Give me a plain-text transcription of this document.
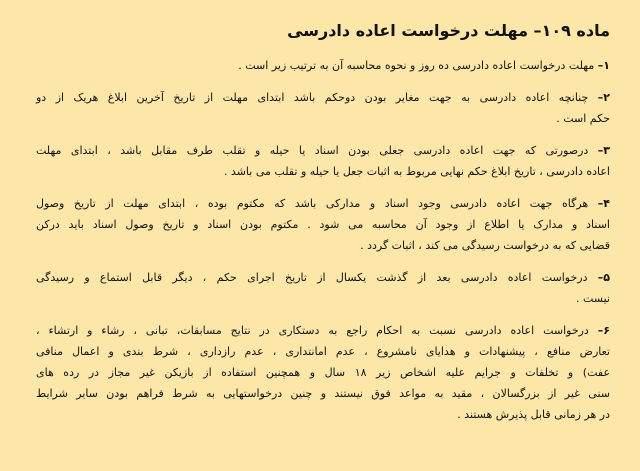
ماده ۱۰۹– مهلت درخواست اعاده دادرسی
۱– مهلت درخواست اعاده دادرسی ده روز و نحوه محاسبه آن به ترتیب زیر است .
۲– چنانچه اعاده دادرسی به جهت مغایر بودن دوحکم باشد ابتدای مهلت از تاریخ آخرین ابلاغ هریک از دو
حکم است .
۳– درصورتی که جهت اعاده دادرسی جعلی بودن اسناد یا حیله و تقلب طرف مقابل باشد ، ابتدای مهلت
اعاده دادرسی ، تاریخ ابلاغ حکم نهایی مربوط به اثبات جعل یا حیله و تقلب می باشد .
۴– هرگاه جهت اعاده دادرسی وجود اسناد و مدارکی باشد که مکتوم بوده ، ابتدای مهلت از تاریخ وصول
اسناد و مدارک یا اطلاع از وجود آن محاسبه می شود . مکتوم بودن اسناد و تاریخ وصول اسناد باید درکن
قضایی که به درخواست رسیدگی می کند ، اثبات گردد .
۵– درخواست اعاده دادرسی بعد از گذشت یکسال از تاریخ اجرای حکم ، دیگر قابل استماع و رسیدگی
نیست .
۶– درخواست اعاده دادرسی نسبت به احکام راجع به دستکاری در نتایج مسابقات، تبانی ، رشاء و ارتشاء ،
تعارض منافع ، پیشنهادات و هدایای نامشروع ، عدم امانتداری ، عدم رازداری ، شرط بندی و اعمال منافی
عفت) و تخلفات و جرایم علیه اشخاص زیر ۱۸ سال و همچنین استفاده از بازیکن غیر مجاز در رده های
سنی غیر از بزرگسالان ، مقید به مواعد فوق نیستند و چنین درخواستهایی به شرط فراهم بودن سایر شرایط
در هر زمانی قابل پذیرش هستند .
